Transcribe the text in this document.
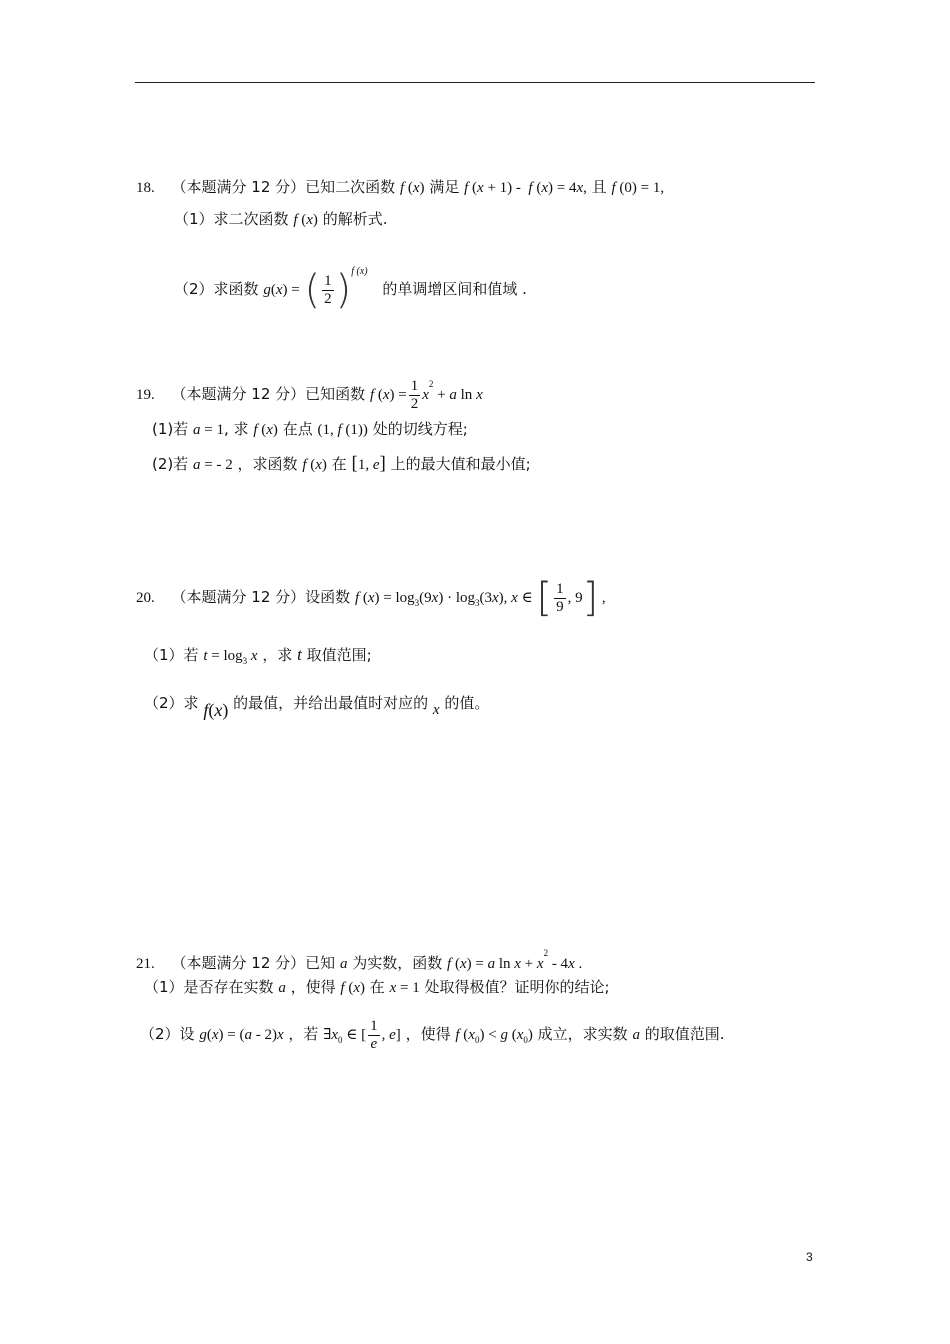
18. （本题满分 12 分）已知二次函数 f (x) 满足 f (x + 1) -  f (x) = 4x, 且 f (0) = 1,
（1）求二次函数 f (x) 的解析式.
（2）求函数 g(x) = ( $\frac{1}{2} )^{f (x)}$ 的单调增区间和值域 .
19. （本题满分 12 分）已知函数 f $(x) = \frac{1}{2} x^2 + a$ ln x
(1)若 a = 1, 求 f (x) 在点 (1, f (1)) 处的切线方程;
(2)若 a = - 2 ，求函数 f (x) 在 [1, e] 上的最大值和最小值;
20. （本题满分 12 分）设函数 f $(x) = \log_3(9x) \cdot \log_3(3x)$, x ∈ [ $\frac{1}{9}$ , 9] ,
（1）若 $t = \log_3 x$ ，求 t 取值范围;
（2）求 f(x) 的最值，并给出最值时对应的 x 的值。
21. （本题满分 12 分）已知 a 为实数，函数 f (x) = a $\ln x + x^2 - 4x$ .
（1）是否存在实数 a ，使得 f (x) 在 x = 1 处取得极值？证明你的结论;
（2）设 g(x) = (a - 2)x ，若 $\exists x_0$ ∈ [ $\frac{1}{e}$ , e] ，使得 f $(x_0) < g$ $(x_0)$ 成立，求实数 a 的取值范围.
3
